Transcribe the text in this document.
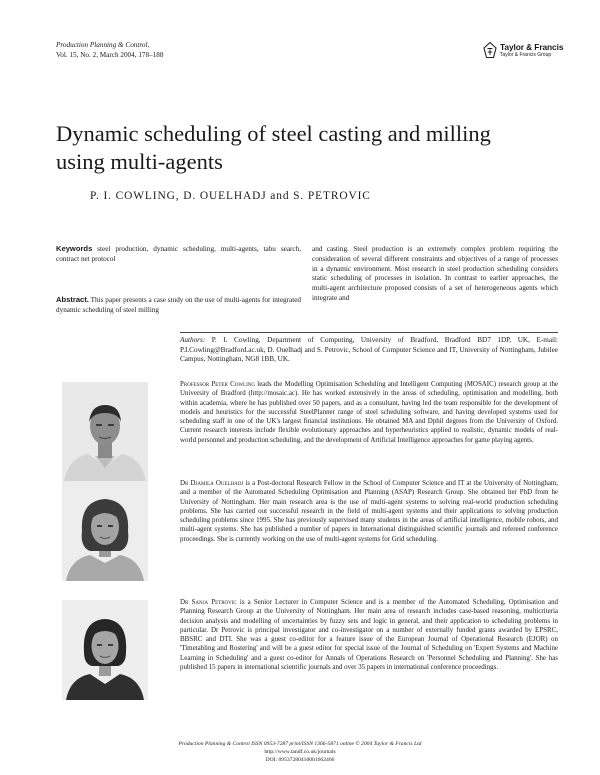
Production Planning & Control,
Vol. 15, No. 2, March 2004, 178–188
Taylor & Francis
Taylor & Francis Group
Dynamic scheduling of steel casting and milling using multi-agents
P. I. COWLING, D. OUELHADJ and S. PETROVIC
Keywords steel production, dynamic scheduling, multi-agents, tabu search, contract net protocol
Abstract. This paper presents a case study on the use of multi-agents for integrated dynamic scheduling of steel milling
and casting. Steel production is an extremely complex problem requiring the consideration of several different constraints and objectives of a range of processes in a dynamic environment. Most research in steel production scheduling considers static scheduling of processes in isolation. In contrast to earlier approaches, the multi-agent architecture proposed consists of a set of heterogeneous agents which integrate and
Authors: P. I. Cowling, Department of Computing, University of Bradford, Bradford BD7 1DP, UK, E-mail: P.I.Cowling@Bradford.ac.uk, D. Ouelhadj and S. Petrovic, School of Computer Science and IT, University of Nottingham, Jubilee Campus, Nottingham, NG8 1BB, UK.
Professor Peter Cowling leads the Modelling Optimisation Scheduling and Intelligent Computing (MOSAIC) research group at the University of Bradford (http://mosaic.ac). He has worked extensively in the areas of scheduling, optimisation and modelling, both within academia, where he has published over 50 papers, and as a consultant, having led the team responsible for the development of models and heuristics for the successful SteelPlanner range of steel scheduling software, and having developed systems used for scheduling staff in one of the UK's largest financial institutions. He obtained MA and Dphil degrees from the University of Oxford. Current research interests include flexible evolutionary approaches and hyperheuristics applied to realistic, dynamic models of real-world personnel and production scheduling, and the development of Artificial Intelligence approaches for game playing agents.
Dr Djamila Ouelhadj is a Post-doctoral Research Fellow in the School of Computer Science and IT at the University of Nottingham, and a member of the Automated Scheduling Optimisation and Planning (ASAP) Research Group. She obtained her PhD from he University of Nottingham. Her main research area is the use of multi-agent systems to solving real-world production scheduling problems. She has carried out successful research in the field of multi-agent systems and their applications to solving production scheduling problems since 1995. She has previously supervised many students in the areas of artificial intelligence, mobile robots, and multi-agent systems. She has published a number of papers in International distinguished scientific journals and refereed conference proceedings. She is currently working on the use of multi-agent systems for Grid scheduling.
Dr Sanja Petrovic is a Senior Lecturer in Computer Science and is a member of the Automated Scheduling, Optimisation and Planning Research Group at the University of Nottingham. Her main area of research includes case-based reasoning, multicriteria decision analysis and modelling of uncertainties by fuzzy sets and logic in general, and their application to scheduling problems in particular. Dr Petrovic is principal investigator and co-investigator on a number of externally funded grants awarded by EPSRC, BBSRC and DTI. She was a guest co-editor for a feature issue of the European Journal of Operational Research (EJOR) on 'Timetabling and Rostering' and will be a guest editor for special issue of the Journal of Scheduling on 'Expert Systems and Machine Learning in Scheduling' and a guest co-editor for Annals of Operations Research on 'Personnel Scheduling and Planning'. She has published 15 papers in international scientific journals and over 35 papers in international conference proceedings.
Production Planning & Control ISSN 0953-7287 print/ISSN 1366-5871 online © 2004 Taylor & Francis Ltd
http://www.tandf.co.uk/journals
DOI: 09537280410001662466
